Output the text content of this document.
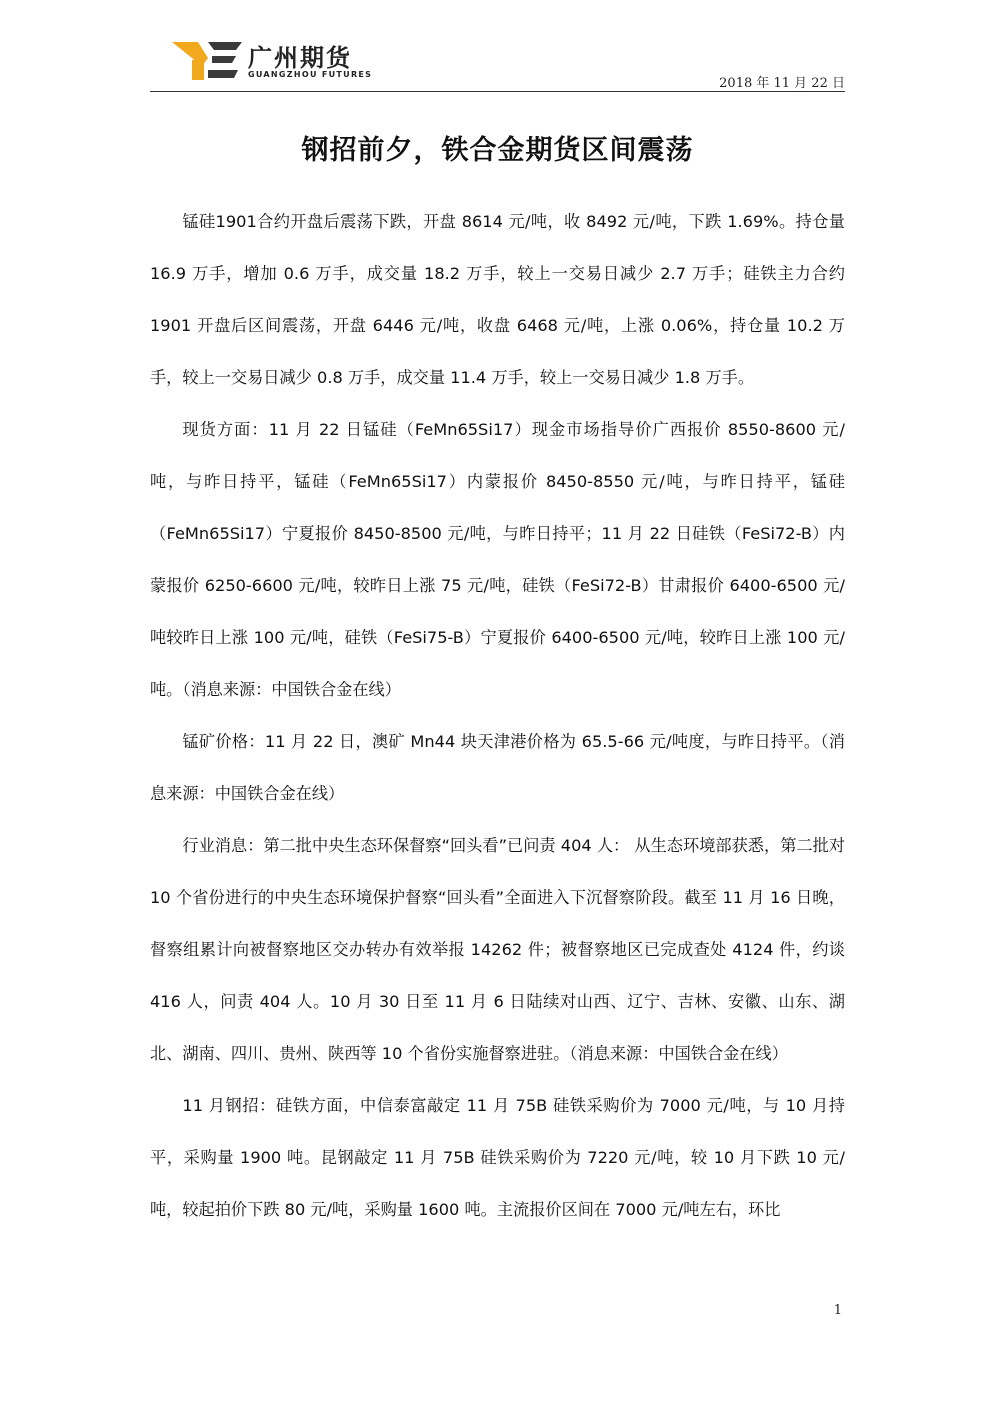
广州期货
GUANGZHOU FUTURES
2018 年 11 月 22 日
钢招前夕，铁合金期货区间震荡

锰硅1901合约开盘后震荡下跌，开盘 8614 元/吨，收 8492 元/吨，下跌 1.69%。持仓量 16.9 万手，增加 0.6 万手，成交量 18.2 万手，较上一交易日减少 2.7 万手；硅铁主力合约 1901 开盘后区间震荡，开盘 6446 元/吨，收盘 6468 元/吨，上涨 0.06%，持仓量 10.2 万手，较上一交易日减少 0.8 万手，成交量 11.4 万手，较上一交易日减少 1.8 万手。

现货方面：11 月 22 日锰硅（FeMn65Si17）现金市场指导价广西报价 8550-8600 元/吨，与昨日持平，锰硅（FeMn65Si17）内蒙报价 8450-8550 元/吨，与昨日持平，锰硅（FeMn65Si17）宁夏报价 8450-8500 元/吨，与昨日持平；11 月 22 日硅铁（FeSi72-B）内蒙报价 6250-6600 元/吨，较昨日上涨 75 元/吨，硅铁（FeSi72-B）甘肃报价 6400-6500 元/吨较昨日上涨 100 元/吨，硅铁（FeSi75-B）宁夏报价 6400-6500 元/吨，较昨日上涨 100 元/吨。（消息来源：中国铁合金在线）

锰矿价格：11 月 22 日，澳矿 Mn44 块天津港价格为 65.5-66 元/吨度，与昨日持平。（消息来源：中国铁合金在线）

行业消息：第二批中央生态环保督察“回头看”已问责 404 人： 从生态环境部获悉，第二批对 10 个省份进行的中央生态环境保护督察“回头看”全面进入下沉督察阶段。截至 11 月 16 日晚，督察组累计向被督察地区交办转办有效举报 14262 件；被督察地区已完成查处 4124 件，约谈 416 人，问责 404 人。10 月 30 日至 11 月 6 日陆续对山西、辽宁、吉林、安徽、山东、湖北、湖南、四川、贵州、陕西等 10 个省份实施督察进驻。（消息来源：中国铁合金在线）

11 月钢招：硅铁方面，中信泰富敲定 11 月 75B 硅铁采购价为 7000 元/吨，与 10 月持平，采购量 1900 吨。昆钢敲定 11 月 75B 硅铁采购价为 7220 元/吨，较 10 月下跌 10 元/吨，较起拍价下跌 80 元/吨，采购量 1600 吨。主流报价区间在 7000 元/吨左右，环比

1
